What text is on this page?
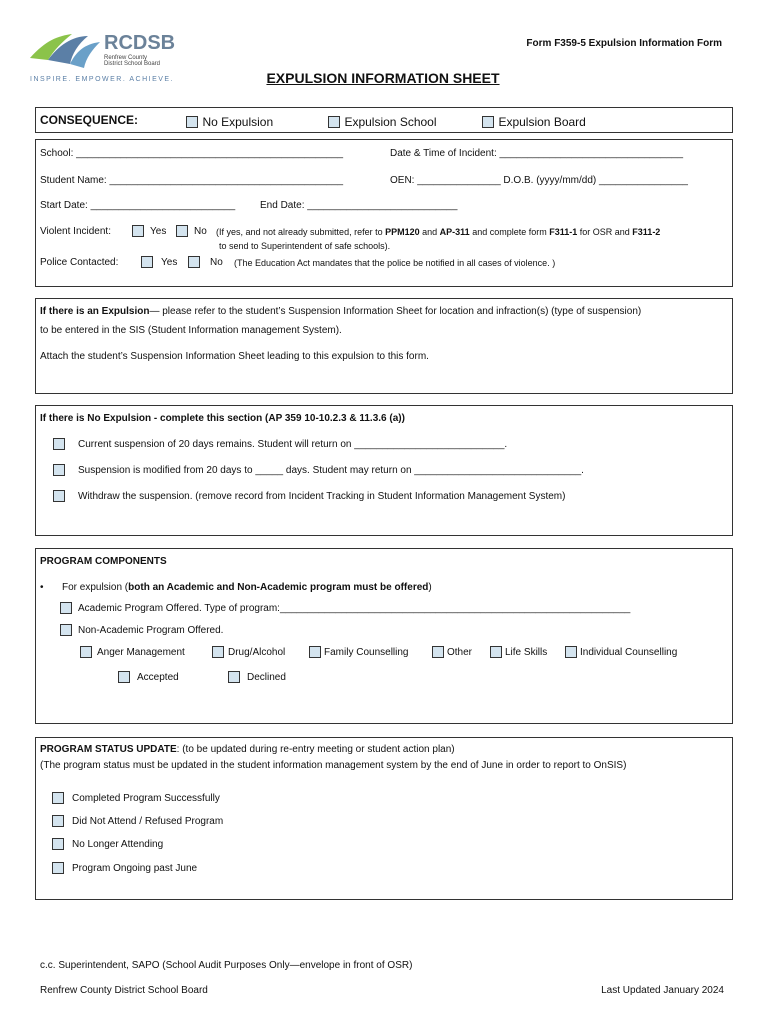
RCDSB
Renfrew County
District School Board
INSPIRE. EMPOWER. ACHIEVE.
Form F359-5 Expulsion Information Form
EXPULSION INFORMATION SHEET
CONSEQUENCE:	No Expulsion	Expulsion School	Expulsion Board
School: ________________________________________________	Date & Time of Incident: _________________________________
Student Name: __________________________________________	OEN: _______________ D.O.B. (yyyy/mm/dd) ________________
Start Date: __________________________ End Date: ___________________________
Violent Incident:	Yes	No (If yes, and not already submitted, refer to PPM120 and AP-311 and complete form F311-1 for OSR and F311-2
to send to Superintendent of safe schools).
Police Contacted:	Yes	No (The Education Act mandates that the police be notified in all cases of violence. )
If there is an Expulsion— please refer to the student’s Suspension Information Sheet for location and infraction(s) (type of suspension)
to be entered in the SIS (Student Information management System).
Attach the student’s Suspension Information Sheet leading to this expulsion to this form.
If there is No Expulsion - complete this section (AP 359 10-10.2.3 & 11.3.6 (a))
Current suspension of 20 days remains. Student will return on ___________________________.
Suspension is modified from 20 days to _____ days. Student may return on ______________________________.
Withdraw the suspension. (remove record from Incident Tracking in Student Information Management System)
PROGRAM COMPONENTS
• For expulsion (both an Academic and Non-Academic program must be offered)
Academic Program Offered. Type of program:_______________________________________________________________
Non-Academic Program Offered.
Anger Management	Drug/Alcohol	Family Counselling	Other	Life Skills	Individual Counselling
Accepted	Declined
PROGRAM STATUS UPDATE: (to be updated during re-entry meeting or student action plan)
(The program status must be updated in the student information management system by the end of June in order to report to OnSIS)
Completed Program Successfully
Did Not Attend / Refused Program
No Longer Attending
Program Ongoing past June
c.c. Superintendent, SAPO (School Audit Purposes Only—envelope in front of OSR)
Renfrew County District School Board	Last Updated January 2024
